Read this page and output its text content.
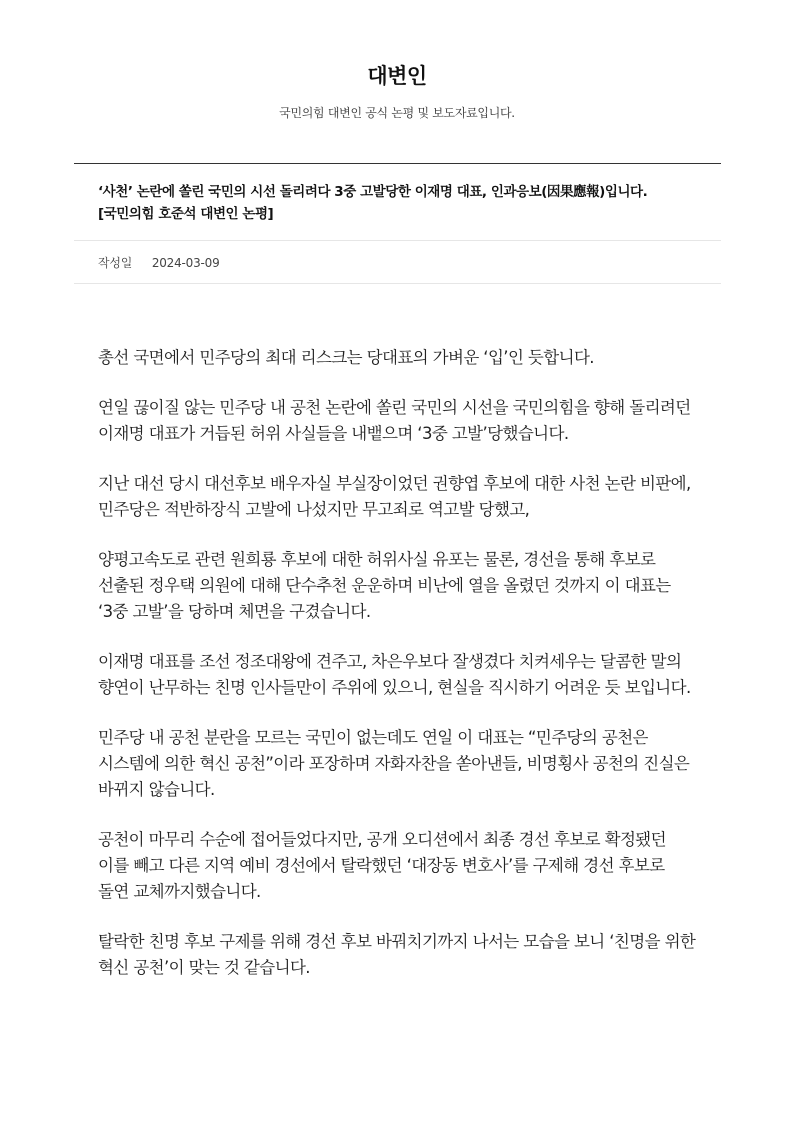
대변인
국민의힘 대변인 공식 논평 및 보도자료입니다.
‘사천’ 논란에 쏠린 국민의 시선 돌리려다 3중 고발당한 이재명 대표, 인과응보(因果應報)입니다.
[국민의힘 호준석 대변인 논평]
작성일 2024-03-09

총선 국면에서 민주당의 최대 리스크는 당대표의 가벼운 ‘입’인 듯합니다.

연일 끊이질 않는 민주당 내 공천 논란에 쏠린 국민의 시선을 국민의힘을 향해 돌리려던 이재명 대표가 거듭된 허위 사실들을 내뱉으며 ‘3중 고발’당했습니다.

지난 대선 당시 대선후보 배우자실 부실장이었던 권향엽 후보에 대한 사천 논란 비판에, 민주당은 적반하장식 고발에 나섰지만 무고죄로 역고발 당했고,

양평고속도로 관련 원희룡 후보에 대한 허위사실 유포는 물론, 경선을 통해 후보로 선출된 정우택 의원에 대해 단수추천 운운하며 비난에 열을 올렸던 것까지 이 대표는 ‘3중 고발’을 당하며 체면을 구겼습니다.

이재명 대표를 조선 정조대왕에 견주고, 차은우보다 잘생겼다 치켜세우는 달콤한 말의 향연이 난무하는 친명 인사들만이 주위에 있으니, 현실을 직시하기 어려운 듯 보입니다.

민주당 내 공천 분란을 모르는 국민이 없는데도 연일 이 대표는 “민주당의 공천은 시스템에 의한 혁신 공천”이라 포장하며 자화자찬을 쏟아낸들, 비명횡사 공천의 진실은 바뀌지 않습니다.

공천이 마무리 수순에 접어들었다지만, 공개 오디션에서 최종 경선 후보로 확정됐던 이를 빼고 다른 지역 예비 경선에서 탈락했던 ‘대장동 변호사’를 구제해 경선 후보로 돌연 교체까지했습니다.

탈락한 친명 후보 구제를 위해 경선 후보 바꿔치기까지 나서는 모습을 보니 ‘친명을 위한 혁신 공천’이 맞는 것 같습니다.
